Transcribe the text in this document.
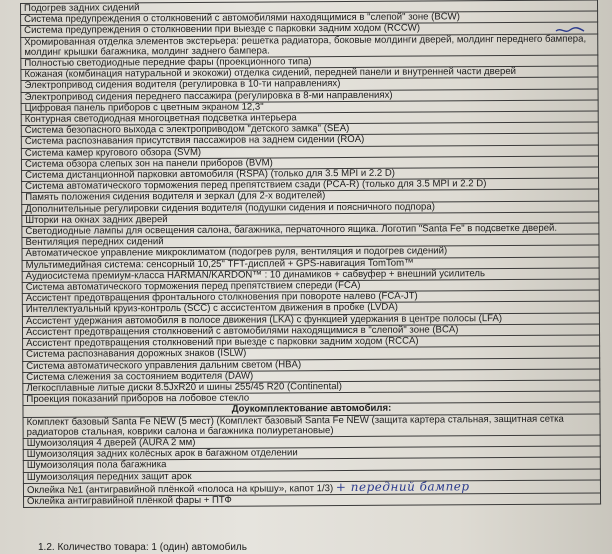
Подогрев задних сидений
Система предупреждения о столкновений с автомобилями находящимися в "слепой" зоне (BCW)
Система предупреждения о столкновении при выезде с парковки задним ходом (RCCW)
Хромированная отделка элементов экстерьера: решетка радиатора, боковые молдинги дверей, молдинг переднего бампера, молдинг крышки багажника, молдинг заднего бампера.
Полностью светодиодные передние фары (проекционного типа)
Кожаная (комбинация натуральной и экокожи) отделка сидений, передней панели и внутренней части дверей
Электропривод сидения водителя (регулировка в 10-ти направлениях)
Электропривод сидения переднего пассажира (регулировка в 8-ми направлениях)
Цифровая панель приборов с цветным экраном 12,3"
Контурная светодиодная многоцветная подсветка интерьера
Система безопасного выхода с электроприводом "детского замка" (SEA)
Система распознавания присутствия пассажиров на заднем сидении (ROA)
Система камер кругового обзора (SVM)
Система обзора слепых зон на панели приборов (BVM)
Система дистанционной парковки автомобиля (RSPA) (только для 3.5 MPI и 2.2 D)
Система автоматического торможения перед препятствием сзади (PCA-R) (только для 3.5 MPI и 2.2 D)
Память положения сидения водителя и зеркал (для 2-х водителей)
Дополнительные регулировки сидения водителя (подушки сидения и поясничного подпора)
Шторки на окнах задних дверей
Светодиодные лампы для освещения салона, багажника, перчаточного ящика. Логотип "Santa Fe" в подсветке дверей.
Вентиляция передних сидений
Автоматическое управление микроклиматом (подогрев руля, вентиляция и подогрев сидений)
Мультимедийная система: сенсорный 10,25" TFT-дисплей + GPS-навигация TomTom™
Аудиосистема премиум-класса HARMAN/KARDON™ : 10 динамиков + сабвуфер + внешний усилитель
Система автоматического торможения перед препятствием спереди (FCA)
Ассистент предотвращения фронтального столкновения при повороте налево (FCA-JT)
Интеллектуальный круиз-контроль (SCC) с ассистентом движения в пробке (LVDA)
Ассистент удержания автомобиля в полосе движения (LKA) с функцией удержания в центре полосы (LFA)
Ассистент предотвращения столкновений с автомобилями находящимися в "слепой" зоне (BCA)
Ассистент предотвращения столкновений при выезде с парковки задним ходом (RCCA)
Система распознавания дорожных знаков (ISLW)
Система автоматического управления дальним светом (HBA)
Система слежения за состоянием водителя (DAW)
Легкосплавные литые диски 8.5JxR20 и шины 255/45 R20 (Continental)
Проекция показаний приборов на лобовое стекло
Доукомплектование автомобиля:
Комплект базовый Santa Fe NEW (5 мест) (Комплект базовый Santa Fe NEW (защита картера стальная, защитная сетка радиаторов стальная, коврики салона и багажника полиуретановые)
Шумоизоляция 4 дверей (AURA 2 мм)
Шумоизоляция задних колёсных арок в багажном отделении
Шумоизоляция пола багажника
Шумоизоляция передних защит арок
Оклейка №1 (антигравийной плёнкой «полоса на крышу», капот 1/3) + передний бампер
Оклейка антигравийной плёнкой фары + ПТФ
1.2. Количество товара: 1 (один) автомобиль
